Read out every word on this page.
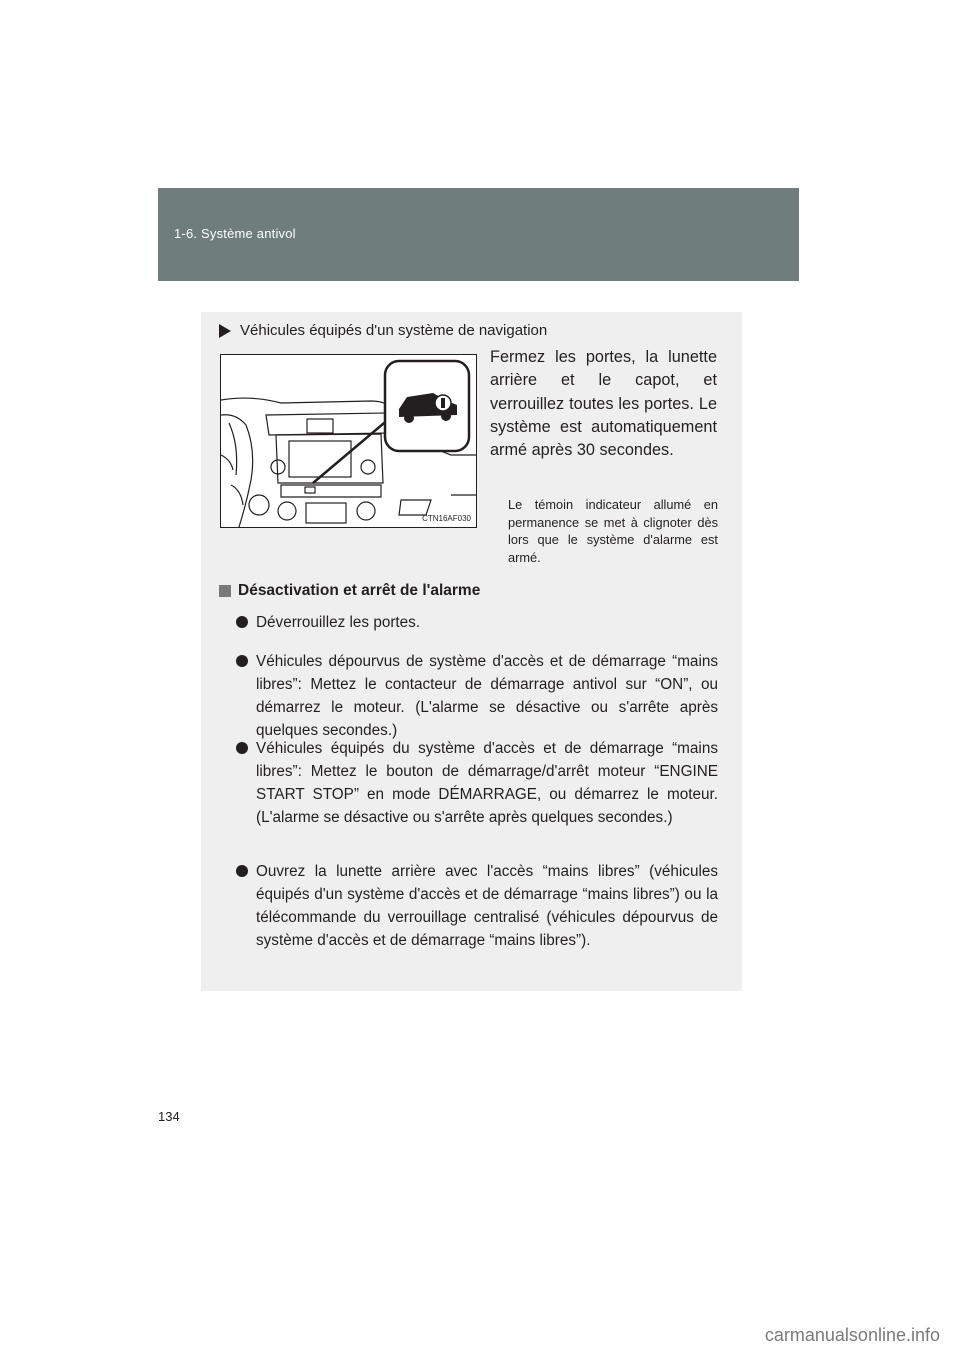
1-6. Système antivol
Véhicules équipés d'un système de navigation
CTN16AF030
Fermez les portes, la lunette arrière et le capot, et verrouillez toutes les portes. Le système est automatiquement armé après 30 secondes.
Le témoin indicateur allumé en permanence se met à clignoter dès lors que le système d'alarme est armé.
Désactivation et arrêt de l'alarme
Déverrouillez les portes.
Véhicules dépourvus de système d'accès et de démarrage “mains libres”: Mettez le contacteur de démarrage antivol sur “ON”, ou démarrez le moteur. (L'alarme se désactive ou s'arrête après quelques secondes.)
Véhicules équipés du système d'accès et de démarrage “mains libres”: Mettez le bouton de démarrage/d'arrêt moteur “ENGINE START STOP” en mode DÉMARRAGE, ou démarrez le moteur. (L'alarme se désactive ou s'arrête après quelques secondes.)
Ouvrez la lunette arrière avec l'accès “mains libres” (véhicules équipés d'un système d'accès et de démarrage “mains libres”) ou la télécommande du verrouillage centralisé (véhicules dépourvus de système d'accès et de démarrage “mains libres”).
134
carmanualsonline.info
